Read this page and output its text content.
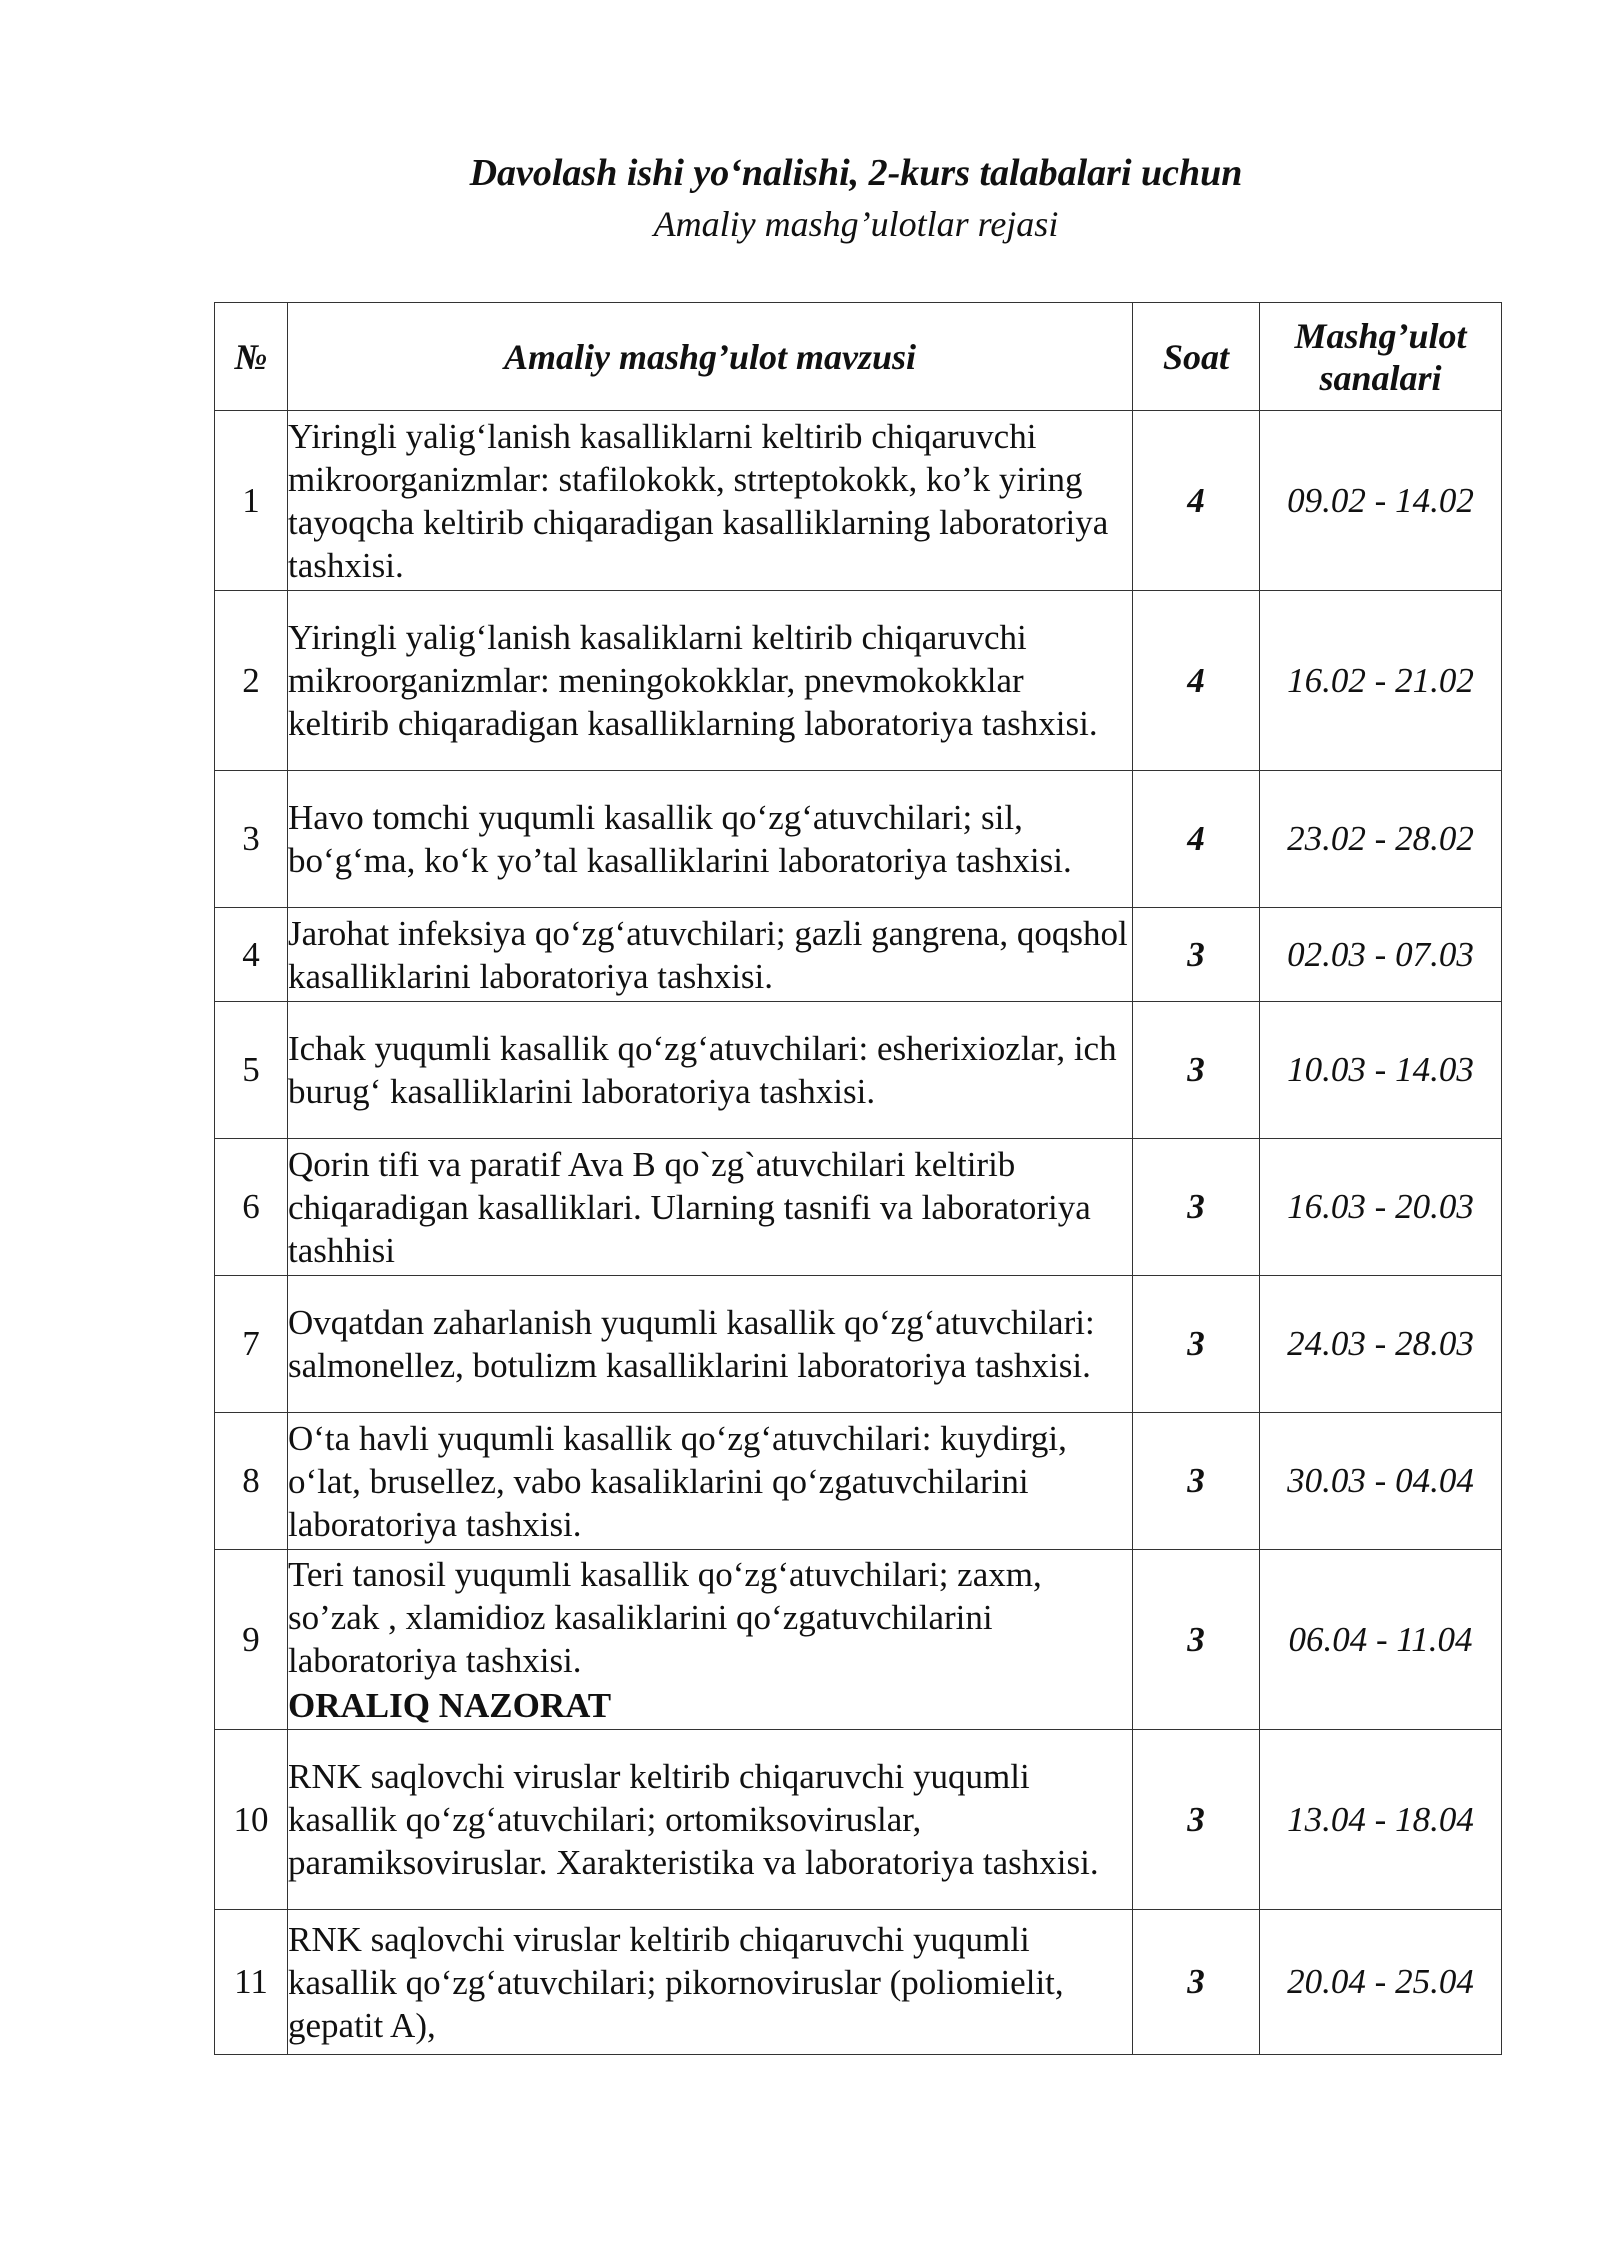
Davolash ishi yo‘nalishi, 2-kurs talabalari uchun
Amaliy mashg’ulotlar rejasi
№	Amaliy mashg’ulot mavzusi	Soat	Mashg’ulot sanalari
1	Yiringli yalig‘lanish kasalliklarni keltirib chiqaruvchi mikroorganizmlar: stafilokokk, strteptokokk, ko’k yiring tayoqcha keltirib chiqaradigan kasalliklarning laboratoriya tashxisi.	4	09.02 - 14.02
2	Yiringli yalig‘lanish kasaliklarni keltirib chiqaruvchi mikroorganizmlar: meningokokklar, pnevmokokklar keltirib chiqaradigan kasalliklarning laboratoriya tashxisi.	4	16.02 - 21.02
3	Havo tomchi yuqumli kasallik qo‘zg‘atuvchilari; sil, bo‘g‘ma, ko‘k yo’tal kasalliklarini laboratoriya tashxisi.	4	23.02 - 28.02
4	Jarohat infeksiya qo‘zg‘atuvchilari; gazli gangrena, qoqshol kasalliklarini laboratoriya tashxisi.	3	02.03 - 07.03
5	Ichak yuqumli kasallik qo‘zg‘atuvchilari: esherixiozlar, ich burug‘ kasalliklarini laboratoriya tashxisi.	3	10.03 - 14.03
6	Qorin tifi va paratif Ava B qo`zg`atuvchilari keltirib chiqaradigan kasalliklari. Ularning tasnifi va laboratoriya tashhisi	3	16.03 - 20.03
7	Ovqatdan zaharlanish yuqumli kasallik qo‘zg‘atuvchilari: salmonellez, botulizm kasalliklarini laboratoriya tashxisi.	3	24.03 - 28.03
8	O‘ta havli yuqumli kasallik qo‘zg‘atuvchilari: kuydirgi, o‘lat, brusellez, vabo kasaliklarini qo‘zgatuvchilarini laboratoriya tashxisi.	3	30.03 - 04.04
9	Teri tanosil yuqumli kasallik qo‘zg‘atuvchilari; zaxm, so’zak , xlamidioz kasaliklarini qo‘zgatuvchilarini laboratoriya tashxisi.
ORALIQ NAZORAT	3	06.04 - 11.04
10	RNK saqlovchi viruslar keltirib chiqaruvchi yuqumli kasallik qo‘zg‘atuvchilari; ortomiksoviruslar, paramiksoviruslar. Xarakteristika va laboratoriya tashxisi.	3	13.04 - 18.04
11	RNK saqlovchi viruslar keltirib chiqaruvchi yuqumli kasallik qo‘zg‘atuvchilari; pikornoviruslar (poliomielit, gepatit A),	3	20.04 - 25.04
